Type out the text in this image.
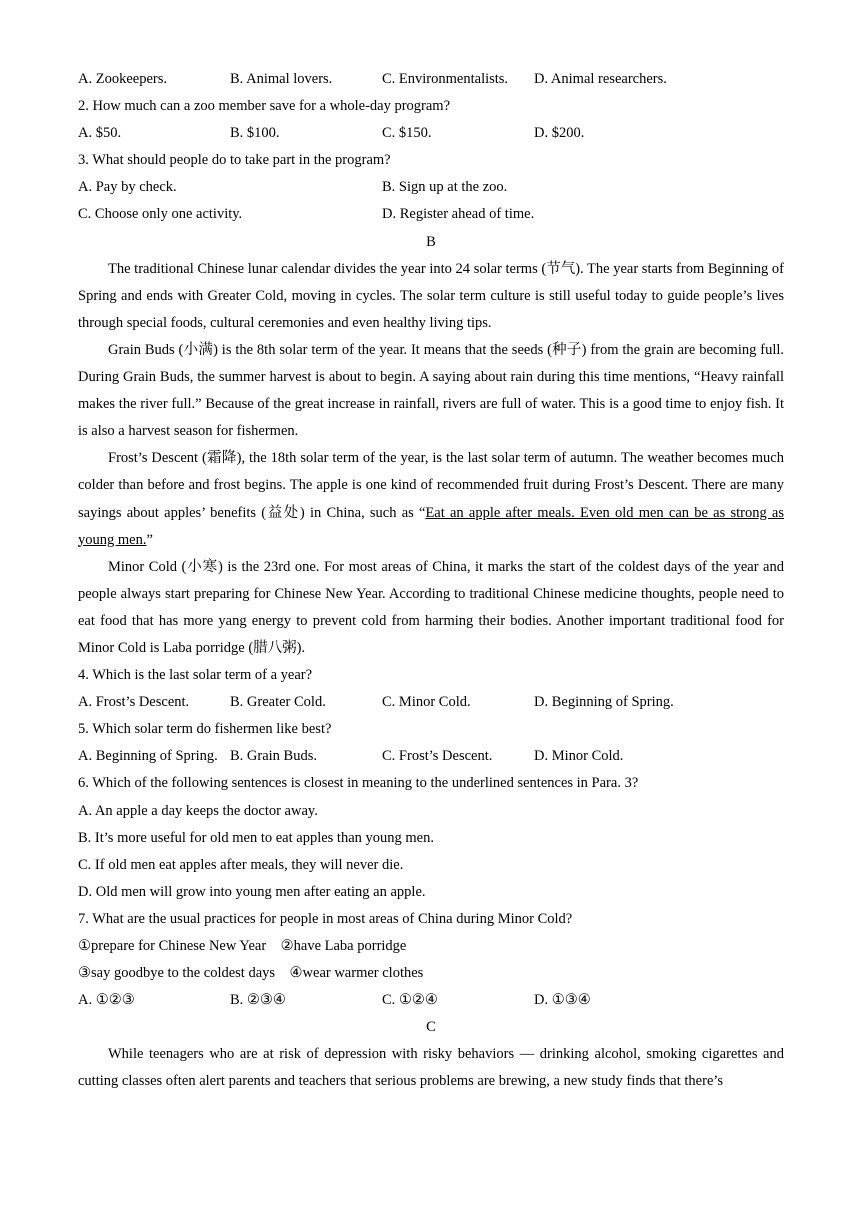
A. Zookeepers.	B. Animal lovers.	C. Environmentalists.	D. Animal researchers.
2. How much can a zoo member save for a whole-day program?
A. $50.	B. $100.	C. $150.	D. $200.
3. What should people do to take part in the program?
A. Pay by check.	B. Sign up at the zoo.
C. Choose only one activity.	D. Register ahead of time.
B

The traditional Chinese lunar calendar divides the year into 24 solar terms (节气). The year starts from Beginning of Spring and ends with Greater Cold, moving in cycles. The solar term culture is still useful today to guide people’s lives through special foods, cultural ceremonies and even healthy living tips.

Grain Buds (小满) is the 8th solar term of the year. It means that the seeds (种子) from the grain are becoming full. During Grain Buds, the summer harvest is about to begin. A saying about rain during this time mentions, “Heavy rainfall makes the river full.” Because of the great increase in rainfall, rivers are full of water. This is a good time to enjoy fish. It is also a harvest season for fishermen.

Frost’s Descent (霜降), the 18th solar term of the year, is the last solar term of autumn. The weather becomes much colder than before and frost begins. The apple is one kind of recommended fruit during Frost’s Descent. There are many sayings about apples’ benefits (益处) in China, such as “Eat an apple after meals. Even old men can be as strong as young men.”

Minor Cold (小寒) is the 23rd one. For most areas of China, it marks the start of the coldest days of the year and people always start preparing for Chinese New Year. According to traditional Chinese medicine thoughts, people need to eat food that has more yang energy to prevent cold from harming their bodies. Another important traditional food for Minor Cold is Laba porridge (腊八粥).

4. Which is the last solar term of a year?
A. Frost’s Descent.	B. Greater Cold.	C. Minor Cold.	D. Beginning of Spring.
5. Which solar term do fishermen like best?
A. Beginning of Spring. B. Grain Buds.	C. Frost’s Descent.	D. Minor Cold.
6. Which of the following sentences is closest in meaning to the underlined sentences in Para. 3?
A. An apple a day keeps the doctor away.
B. It’s more useful for old men to eat apples than young men.
C. If old men eat apples after meals, they will never die.
D. Old men will grow into young men after eating an apple.
7. What are the usual practices for people in most areas of China during Minor Cold?
①prepare for Chinese New Year　②have Laba porridge
③say goodbye to the coldest days　④wear warmer clothes
A. ①②③	B. ②③④	C. ①②④	D. ①③④
C

While teenagers who are at risk of depression with risky behaviors — drinking alcohol, smoking cigarettes and cutting classes often alert parents and teachers that serious problems are brewing, a new study finds that there’s
